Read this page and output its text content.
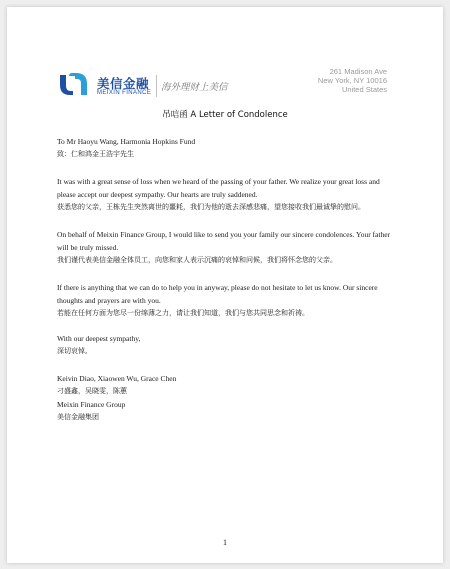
美信金融
MEIXIN FINANCE 海外理财上美信
261 Madison Ave
New York, NY 10016
United States
吊唁函 A Letter of Condolence

To Mr Haoyu Wang, Harmonia Hopkins Fund
致：仁和鸿金王浩宇先生

It was with a great sense of loss when we heard of the passing of your father. We realize your great loss and please accept our deepest sympathy. Our hearts are truly saddened.
获悉您的父亲，王栋先生突然离世的噩耗，我们为他的逝去深感悲痛，望您接收我们最诚挚的慰问。

On behalf of Meixin Finance Group, I would like to send you your family our sincere condolences. Your father will be truly missed.
我们谨代表美信金融全体员工，向您和家人表示沉痛的哀悼和问候，我们将怀念您的父亲。

If there is anything that we can do to help you in anyway, please do not hesitate to let us know. Our sincere thoughts and prayers are with you.
若能在任何方面为您尽一份绵薄之力，请让我们知道，我们与您共同思念和祈祷。

With our deepest sympathy,
深切哀悼,

Keivin Diao, Xiaowen Wu, Grace Chen
刁盛鑫，吴晓雯，陈蕙
Meixin Finance Group
美信金融集团

1
